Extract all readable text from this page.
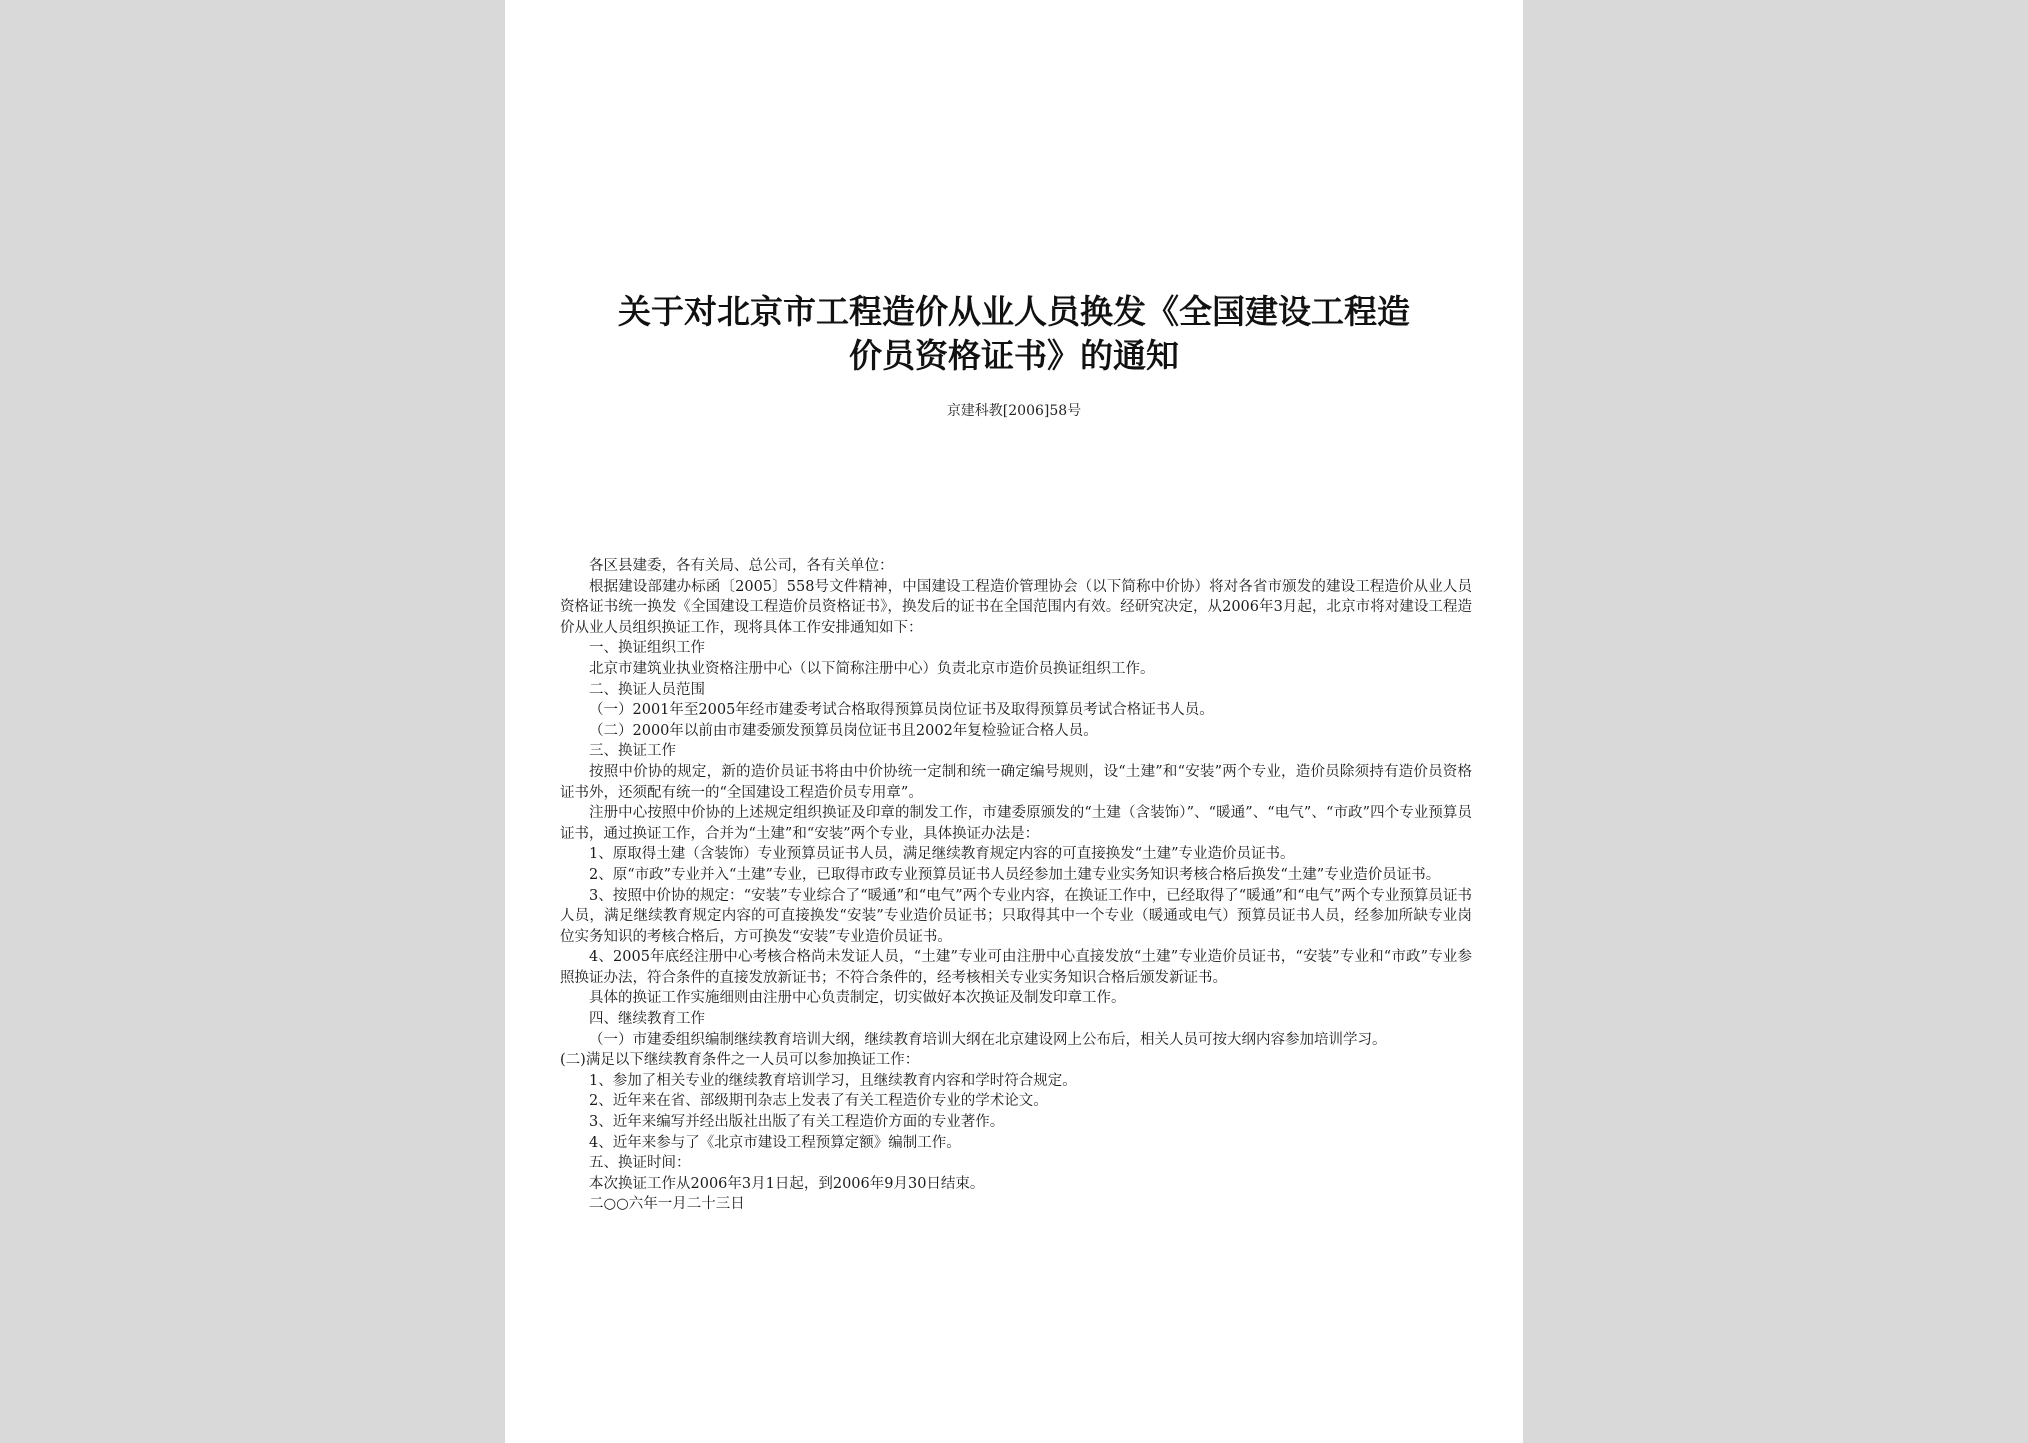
关于对北京市工程造价从业人员换发《全国建设工程造
价员资格证书》的通知
京建科教[2006]58号

各区县建委，各有关局、总公司，各有关单位：

根据建设部建办标函〔2005〕558号文件精神，中国建设工程造价管理协会（以下简称中价协）将对各省市颁发的建设工程造价从业人员资格证书统一换发《全国建设工程造价员资格证书》，换发后的证书在全国范围内有效。经研究决定，从2006年3月起，北京市将对建设工程造价从业人员组织换证工作，现将具体工作安排通知如下：

一、换证组织工作

北京市建筑业执业资格注册中心（以下简称注册中心）负责北京市造价员换证组织工作。

二、换证人员范围

（一）2001年至2005年经市建委考试合格取得预算员岗位证书及取得预算员考试合格证书人员。

（二）2000年以前由市建委颁发预算员岗位证书且2002年复检验证合格人员。

三、换证工作

按照中价协的规定，新的造价员证书将由中价协统一定制和统一确定编号规则，设“土建”和“安装”两个专业，造价员除须持有造价员资格证书外，还须配有统一的“全国建设工程造价员专用章”。

注册中心按照中价协的上述规定组织换证及印章的制发工作，市建委原颁发的“土建（含装饰）”、“暖通”、“电气”、“市政”四个专业预算员证书，通过换证工作，合并为“土建”和“安装”两个专业，具体换证办法是：

1、原取得土建（含装饰）专业预算员证书人员，满足继续教育规定内容的可直接换发“土建”专业造价员证书。

2、原“市政”专业并入“土建”专业，已取得市政专业预算员证书人员经参加土建专业实务知识考核合格后换发“土建”专业造价员证书。

3、按照中价协的规定：“安装”专业综合了“暖通”和“电气”两个专业内容，在换证工作中，已经取得了“暖通”和“电气”两个专业预算员证书人员，满足继续教育规定内容的可直接换发“安装”专业造价员证书；只取得其中一个专业（暖通或电气）预算员证书人员，经参加所缺专业岗位实务知识的考核合格后，方可换发“安装”专业造价员证书。

4、2005年底经注册中心考核合格尚未发证人员，“土建”专业可由注册中心直接发放“土建”专业造价员证书，“安装”专业和“市政”专业参照换证办法，符合条件的直接发放新证书；不符合条件的，经考核相关专业实务知识合格后颁发新证书。

具体的换证工作实施细则由注册中心负责制定，切实做好本次换证及制发印章工作。

四、继续教育工作

（一）市建委组织编制继续教育培训大纲，继续教育培训大纲在北京建设网上公布后，相关人员可按大纲内容参加培训学习。

(二)满足以下继续教育条件之一人员可以参加换证工作：

1、参加了相关专业的继续教育培训学习，且继续教育内容和学时符合规定。

2、近年来在省、部级期刊杂志上发表了有关工程造价专业的学术论文。

3、近年来编写并经出版社出版了有关工程造价方面的专业著作。

4、近年来参与了《北京市建设工程预算定额》编制工作。

五、换证时间：

本次换证工作从2006年3月1日起，到2006年9月30日结束。

二○○六年一月二十三日
